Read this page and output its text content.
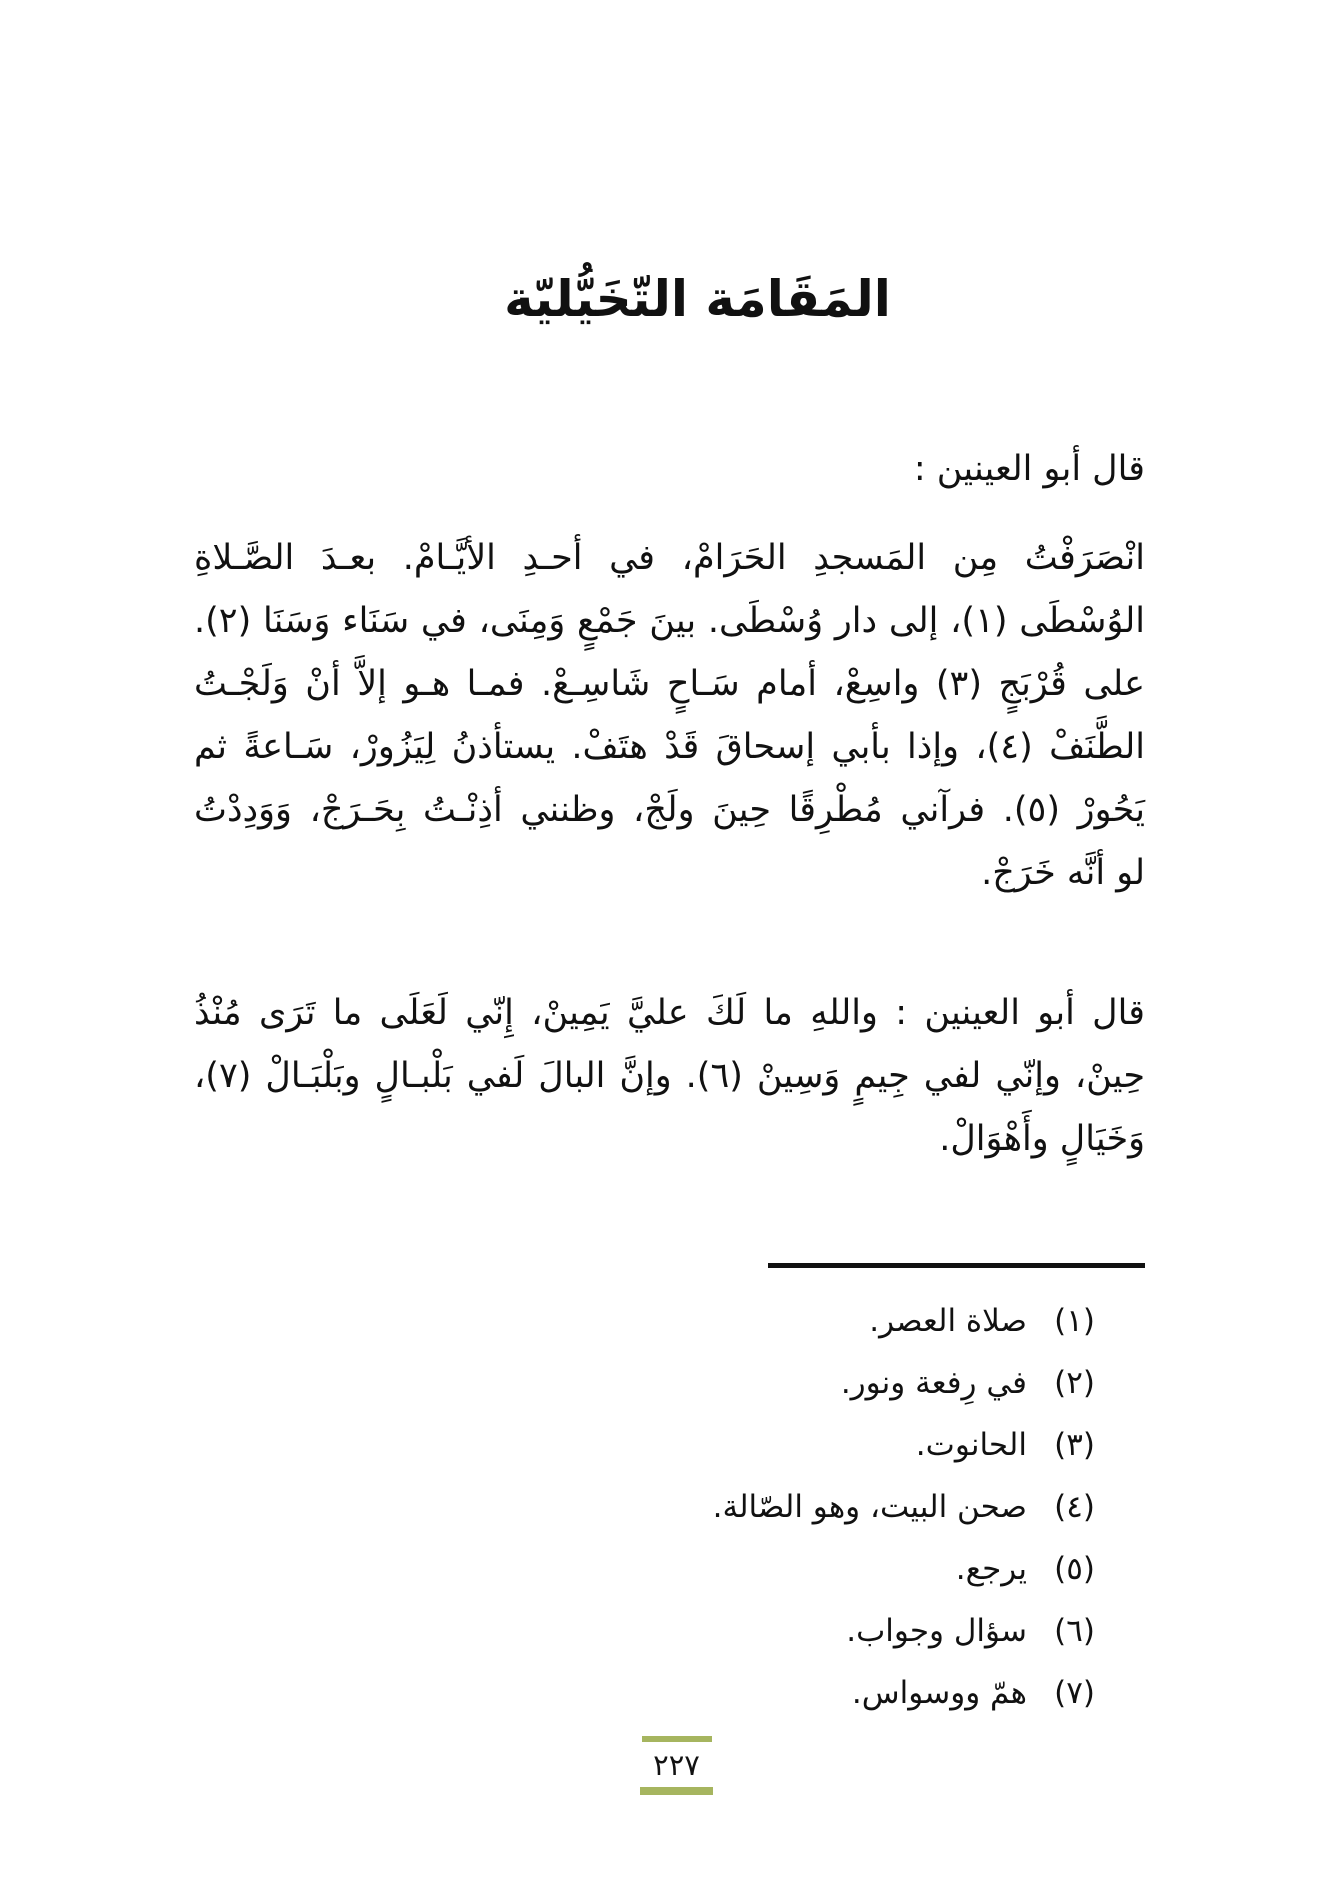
المَقَامَة التّخَيُّليّة
قال أبو العينين :
انْصَرَفْتُ مِن المَسجدِ الحَرَامْ، في أحـدِ الأيَّـامْ. بعـدَ الصَّـلاةِ
الوُسْطَى (١)، إلى دار وُسْطَى. بينَ جَمْعٍ وَمِنَى، في سَنَاء وَسَنَا (٢).
على قُرْبَجٍ (٣) واسِعْ، أمام سَـاحٍ شَاسِـعْ. فمـا هـو إلاَّ أنْ وَلَجْـتُ
الطَّنَفْ (٤)، وإذا بأبي إسحاقَ قَدْ هتَفْ. يستأذنُ لِيَزُورْ، سَـاعةً ثم
يَحُورْ (٥). فرآني مُطْرِقًا حِينَ ولَجْ، وظنني أذِنْـتُ بِحَـرَجْ، وَوَدِدْتُ
لو أنَّه خَرَجْ.
قال أبو العينين : واللهِ ما لَكَ عليَّ يَمِينْ، إِنّي لَعَلَى ما تَرَى مُنْذُ
حِينْ، وإنّي لفي جِيمٍ وَسِينْ (٦). وإنَّ البالَ لَفي بَلْبـالٍ وبَلْبَـالْ (٧)،
وَخَيَالٍ وأَهْوَالْ.
(١)
صلاة العصر.
(٢)
في رِفعة ونور.
(٣)
الحانوت.
(٤)
صحن البيت، وهو الصّالة.
(٥)
يرجع.
(٦)
سؤال وجواب.
(٧)
همّ ووسواس.
٢٢٧
